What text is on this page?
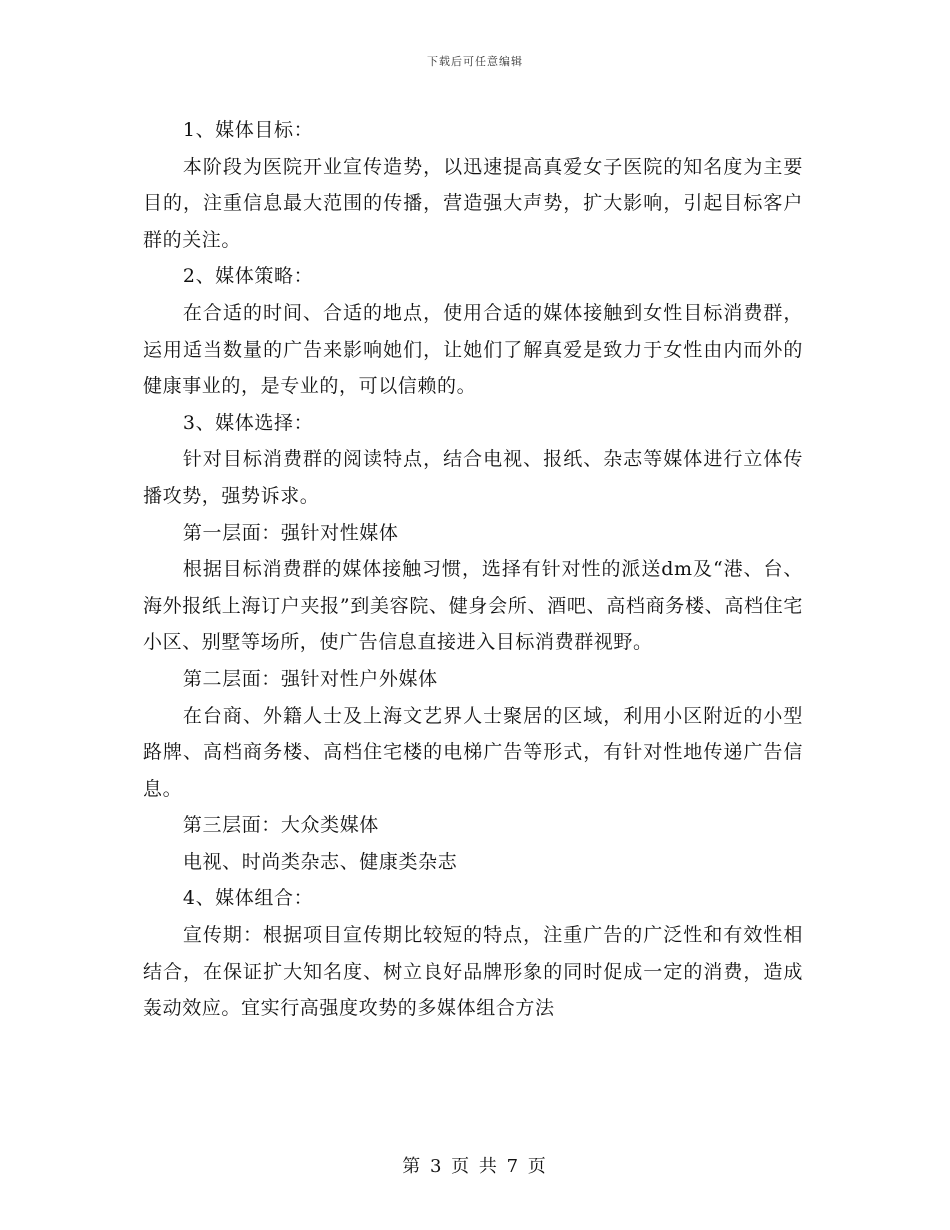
下载后可任意编辑

1、媒体目标：

本阶段为医院开业宣传造势，以迅速提高真爱女子医院的知名度为主要目的，注重信息最大范围的传播，营造强大声势，扩大影响，引起目标客户群的关注。

2、媒体策略：

在合适的时间、合适的地点，使用合适的媒体接触到女性目标消费群，运用适当数量的广告来影响她们，让她们了解真爱是致力于女性由内而外的健康事业的，是专业的，可以信赖的。

3、媒体选择：

针对目标消费群的阅读特点，结合电视、报纸、杂志等媒体进行立体传播攻势，强势诉求。

第一层面：强针对性媒体

根据目标消费群的媒体接触习惯，选择有针对性的派送dm及“港、台、海外报纸上海订户夹报”到美容院、健身会所、酒吧、高档商务楼、高档住宅小区、别墅等场所，使广告信息直接进入目标消费群视野。

第二层面：强针对性户外媒体

在台商、外籍人士及上海文艺界人士聚居的区域，利用小区附近的小型路牌、高档商务楼、高档住宅楼的电梯广告等形式，有针对性地传递广告信息。

第三层面：大众类媒体

电视、时尚类杂志、健康类杂志

4、媒体组合：

宣传期：根据项目宣传期比较短的特点，注重广告的广泛性和有效性相结合，在保证扩大知名度、树立良好品牌形象的同时促成一定的消费，造成轰动效应。宜实行高强度攻势的多媒体组合方法

第 3 页 共 7 页
